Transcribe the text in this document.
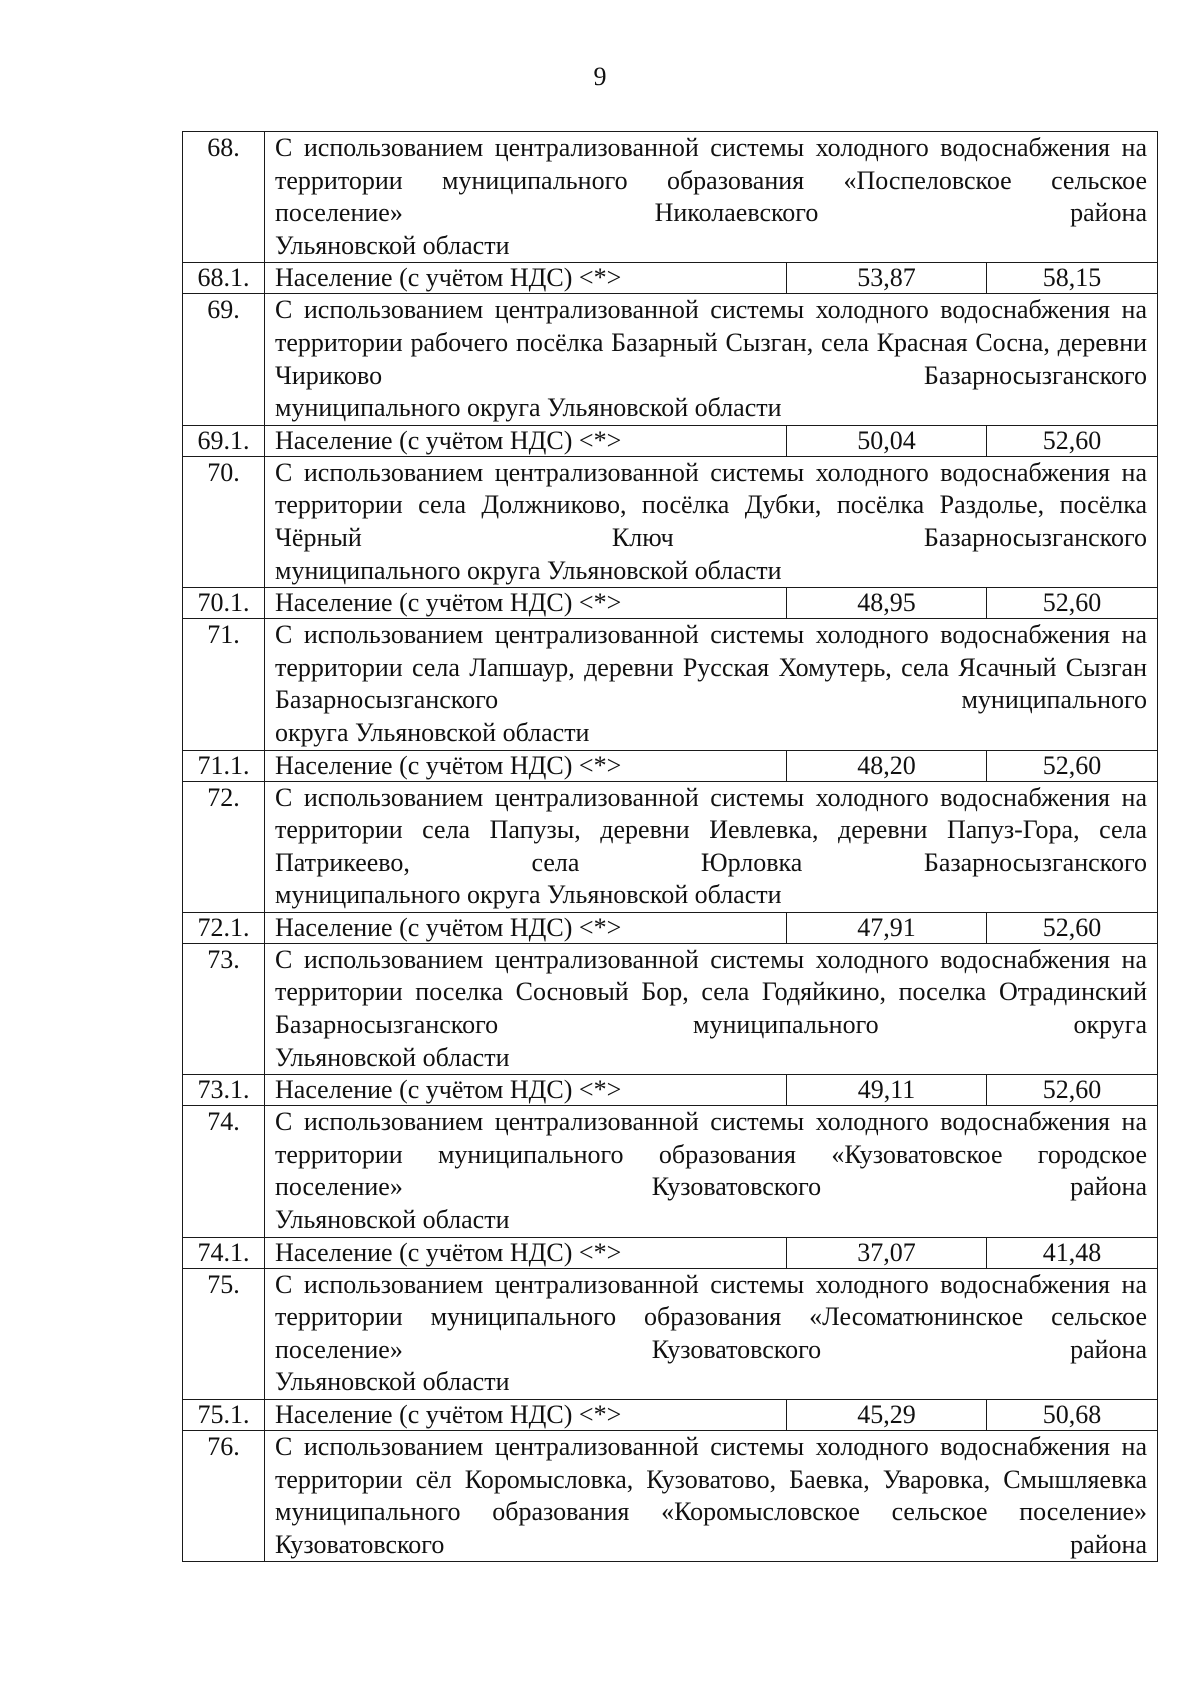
9
68.	С использованием централизованной системы холодного водоснабжения на территории муниципального образования «Поспеловское сельское поселение» Николаевского района
Ульяновской области		

68.1.	Население (с учётом НДС) <*>	53,87	58,15
69.	С использованием централизованной системы холодного водоснабжения на территории рабочего посёлка Базарный Сызган, села Красная Сосна, деревни Чириково Базарносызганского
муниципального округа Ульяновской области		

69.1.	Население (с учётом НДС) <*>	50,04	52,60
70.	С использованием централизованной системы холодного водоснабжения на территории села Должниково, посёлка Дубки, посёлка Раздолье, посёлка Чёрный Ключ Базарносызганского
муниципального округа Ульяновской области		

70.1.	Население (с учётом НДС) <*>	48,95	52,60
71.	С использованием централизованной системы холодного водоснабжения на территории села Лапшаур, деревни Русская Хомутерь, села Ясачный Сызган Базарносызганского муниципального
округа Ульяновской области		

71.1.	Население (с учётом НДС) <*>	48,20	52,60
72.	С использованием централизованной системы холодного водоснабжения на территории села Папузы, деревни Иевлевка, деревни Папуз-Гора, села Патрикеево, села Юрловка Базарносызганского
муниципального округа Ульяновской области		

72.1.	Население (с учётом НДС) <*>	47,91	52,60
73.	С использованием централизованной системы холодного водоснабжения на территории поселка Сосновый Бор, села Годяйкино, поселка Отрадинский Базарносызганского муниципального округа
Ульяновской области		

73.1.	Население (с учётом НДС) <*>	49,11	52,60
74.	С использованием централизованной системы холодного водоснабжения на территории муниципального образования «Кузоватовское городское поселение» Кузоватовского района
Ульяновской области		

74.1.	Население (с учётом НДС) <*>	37,07	41,48
75.	С использованием централизованной системы холодного водоснабжения на территории муниципального образования «Лесоматюнинское сельское поселение» Кузоватовского района
Ульяновской области		

75.1.	Население (с учётом НДС) <*>	45,29	50,68
76.	С использованием централизованной системы холодного водоснабжения на территории сёл Коромысловка, Кузоватово, Баевка, Уваровка, Смышляевка муниципального образования «Коромысловское сельское поселение» Кузоватовского района		
